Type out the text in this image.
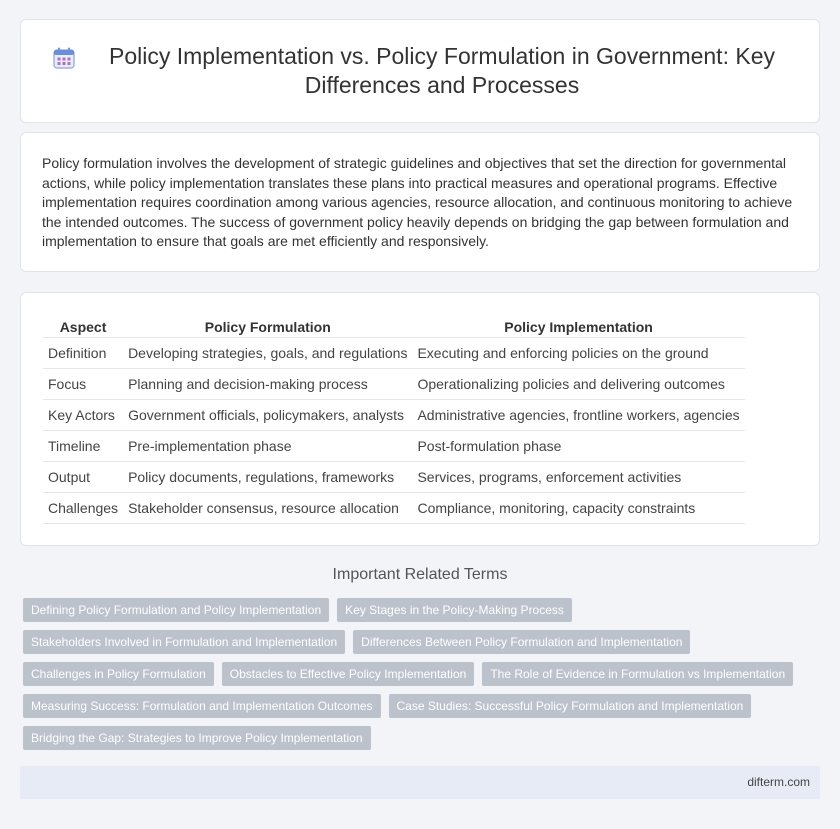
Policy Implementation vs. Policy Formulation in Government: Key Differences and Processes

Policy formulation involves the development of strategic guidelines and objectives that set the direction for governmental actions, while policy implementation translates these plans into practical measures and operational programs. Effective implementation requires coordination among various agencies, resource allocation, and continuous monitoring to achieve the intended outcomes. The success of government policy heavily depends on bridging the gap between formulation and implementation to ensure that goals are met efficiently and responsively.

Aspect	Policy Formulation	Policy Implementation
Definition	Developing strategies, goals, and regulations	Executing and enforcing policies on the ground
Focus	Planning and decision-making process	Operationalizing policies and delivering outcomes
Key Actors	Government officials, policymakers, analysts	Administrative agencies, frontline workers, agencies
Timeline	Pre-implementation phase	Post-formulation phase
Output	Policy documents, regulations, frameworks	Services, programs, enforcement activities
Challenges	Stakeholder consensus, resource allocation	Compliance, monitoring, capacity constraints
Important Related Terms
Defining Policy Formulation and Policy Implementation	Key Stages in the Policy-Making Process
Stakeholders Involved in Formulation and Implementation	Differences Between Policy Formulation and Implementation
Challenges in Policy Formulation	Obstacles to Effective Policy Implementation	The Role of Evidence in Formulation vs Implementation
Measuring Success: Formulation and Implementation Outcomes	Case Studies: Successful Policy Formulation and Implementation
Bridging the Gap: Strategies to Improve Policy Implementation
difterm.com
